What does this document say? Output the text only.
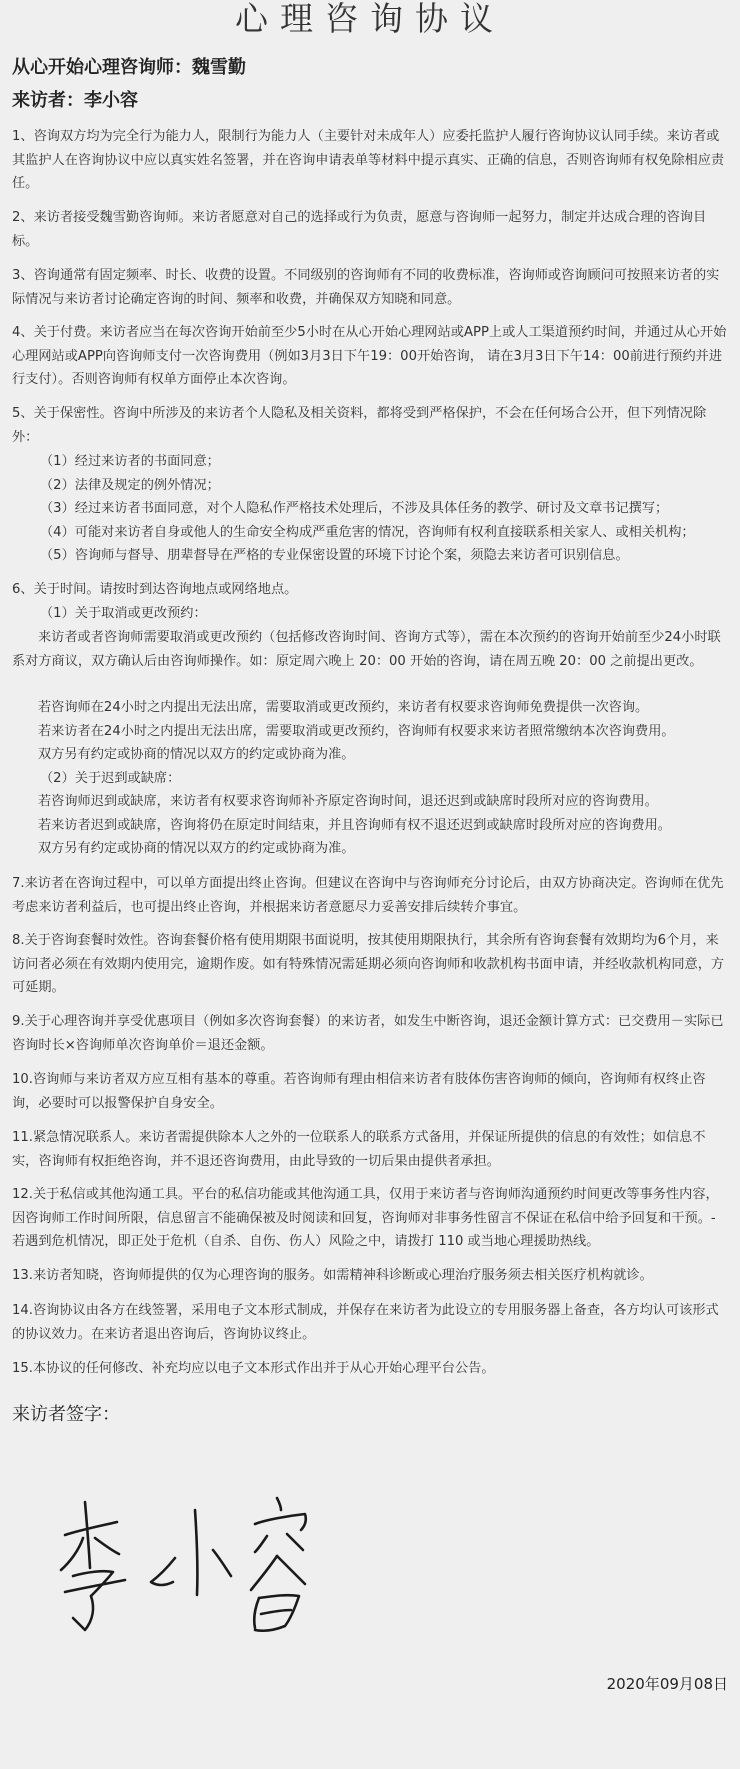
心理咨询协议
从心开始心理咨询师：魏雪勤
来访者：李小容

1、咨询双方均为完全行为能力人，限制行为能力人（主要针对未成年人）应委托监护人履行咨询协议认同手续。来访者或其监护人在咨询协议中应以真实姓名签署，并在咨询申请表单等材料中提示真实、正确的信息，否则咨询师有权免除相应责任。

2、来访者接受魏雪勤咨询师。来访者愿意对自己的选择或行为负责，愿意与咨询师一起努力，制定并达成合理的咨询目标。

3、咨询通常有固定频率、时长、收费的设置。不同级别的咨询师有不同的收费标准，咨询师或咨询顾问可按照来访者的实际情况与来访者讨论确定咨询的时间、频率和收费，并确保双方知晓和同意。

4、关于付费。来访者应当在每次咨询开始前至少5小时在从心开始心理网站或APP上或人工渠道预约时间，并通过从心开始心理网站或APP向咨询师支付一次咨询费用（例如3月3日下午19：00开始咨询， 请在3月3日下午14：00前进行预约并进行支付）。否则咨询师有权单方面停止本次咨询。

5、关于保密性。咨询中所涉及的来访者个人隐私及相关资料，都将受到严格保护，不会在任何场合公开，但下列情况除外：

（1）经过来访者的书面同意；
（2）法律及规定的例外情况；
（3）经过来访者书面同意，对个人隐私作严格技术处理后，不涉及具体任务的教学、研讨及文章书记撰写；
（4）可能对来访者自身或他人的生命安全构成严重危害的情况，咨询师有权利直接联系相关家人、或相关机构；
（5）咨询师与督导、朋辈督导在严格的专业保密设置的环境下讨论个案，须隐去来访者可识别信息。

6、关于时间。请按时到达咨询地点或网络地点。

（1）关于取消或更改预约：

来访者或者咨询师需要取消或更改预约（包括修改咨询时间、咨询方式等），需在本次预约的咨询开始前至少24小时联系对方商议，双方确认后由咨询师操作。如：原定周六晚上 20：00 开始的咨询，请在周五晚 20：00 之前提出更改。

若咨询师在24小时之内提出无法出席，需要取消或更改预约，来访者有权要求咨询师免费提供一次咨询。
若来访者在24小时之内提出无法出席，需要取消或更改预约，咨询师有权要求来访者照常缴纳本次咨询费用。
双方另有约定或协商的情况以双方的约定或协商为准。
（2）关于迟到或缺席：
若咨询师迟到或缺席，来访者有权要求咨询师补齐原定咨询时间，退还迟到或缺席时段所对应的咨询费用。
若来访者迟到或缺席，咨询将仍在原定时间结束，并且咨询师有权不退还迟到或缺席时段所对应的咨询费用。
双方另有约定或协商的情况以双方的约定或协商为准。

7.来访者在咨询过程中，可以单方面提出终止咨询。但建议在咨询中与咨询师充分讨论后，由双方协商决定。咨询师在优先考虑来访者利益后，也可提出终止咨询，并根据来访者意愿尽力妥善安排后续转介事宜。

8.关于咨询套餐时效性。咨询套餐价格有使用期限书面说明，按其使用期限执行，其余所有咨询套餐有效期均为6个月，来访问者必须在有效期内使用完，逾期作废。如有特殊情况需延期必须向咨询师和收款机构书面申请，并经收款机构同意，方可延期。

9.关于心理咨询并享受优惠项目（例如多次咨询套餐）的来访者，如发生中断咨询，退还金额计算方式：已交费用－实际已咨询时长×咨询师单次咨询单价＝退还金额。

10.咨询师与来访者双方应互相有基本的尊重。若咨询师有理由相信来访者有肢体伤害咨询师的倾向，咨询师有权终止咨询，必要时可以报警保护自身安全。

11.紧急情况联系人。来访者需提供除本人之外的一位联系人的联系方式备用，并保证所提供的信息的有效性；如信息不实，咨询师有权拒绝咨询，并不退还咨询费用，由此导致的一切后果由提供者承担。

12.关于私信或其他沟通工具。平台的私信功能或其他沟通工具，仅用于来访者与咨询师沟通预约时间更改等事务性内容，因咨询师工作时间所限，信息留言不能确保被及时阅读和回复，咨询师对非事务性留言不保证在私信中给予回复和干预。- 若遇到危机情况，即正处于危机（自杀、自伤、伤人）风险之中，请拨打 110 或当地心理援助热线。

13.来访者知晓，咨询师提供的仅为心理咨询的服务。如需精神科诊断或心理治疗服务须去相关医疗机构就诊。

14.咨询协议由各方在线签署，采用电子文本形式制成，并保存在来访者为此设立的专用服务器上备查，各方均认可该形式的协议效力。在来访者退出咨询后，咨询协议终止。

15.本协议的任何修改、补充均应以电子文本形式作出并于从心开始心理平台公告。

来访者签字：
2020年09月08日
